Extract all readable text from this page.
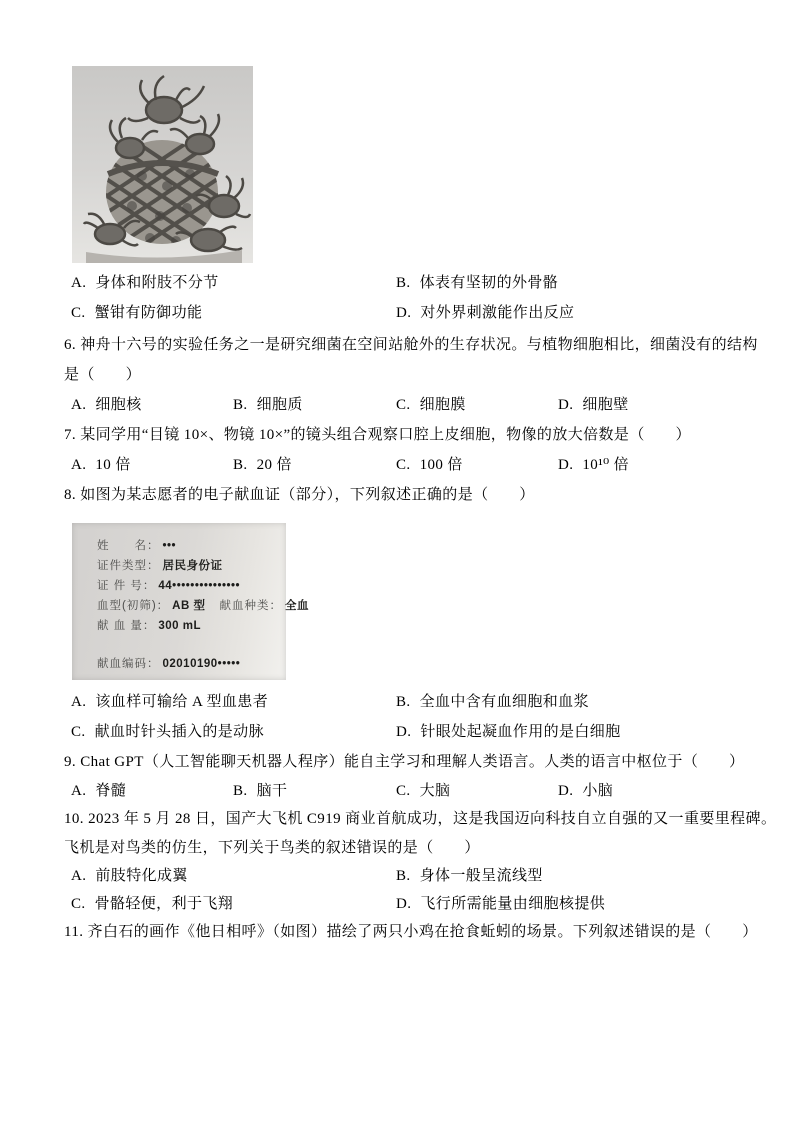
A. 身体和附肢不分节	B. 体表有坚韧的外骨骼
C. 蟹钳有防御功能	D. 对外界刺激能作出反应
6. 神舟十六号的实验任务之一是研究细菌在空间站舱外的生存状况。与植物细胞相比，细菌没有的结构
是（　　）
A. 细胞核	B. 细胞质	C. 细胞膜	D. 细胞壁
7. 某同学用“目镜 10×、物镜 10×”的镜头组合观察口腔上皮细胞，物像的放大倍数是（　　）
A. 10 倍	B. 20 倍	C. 100 倍	D. 10¹⁰ 倍
8. 如图为某志愿者的电子献血证（部分），下列叙述正确的是（　　）
姓　　名： •••
证件类型： 居民身份证
证 件 号： 44•••••••••••••••
血型(初筛)： AB 型 献血种类： 全血
献 血 量： 300 mL
献血编码： 02010190•••••
A. 该血样可输给 A 型血患者	B. 全血中含有血细胞和血浆
C. 献血时针头插入的是动脉	D. 针眼处起凝血作用的是白细胞
9. Chat GPT（人工智能聊天机器人程序）能自主学习和理解人类语言。人类的语言中枢位于（　　）
A. 脊髓	B. 脑干	C. 大脑	D. 小脑
10. 2023 年 5 月 28 日，国产大飞机 C919 商业首航成功，这是我国迈向科技自立自强的又一重要里程碑。
飞机是对鸟类的仿生，下列关于鸟类的叙述错误的是（　　）
A. 前肢特化成翼	B. 身体一般呈流线型
C. 骨骼轻便，利于飞翔	D. 飞行所需能量由细胞核提供
11. 齐白石的画作《他日相呼》（如图）描绘了两只小鸡在抢食蚯蚓的场景。下列叙述错误的是（　　）
